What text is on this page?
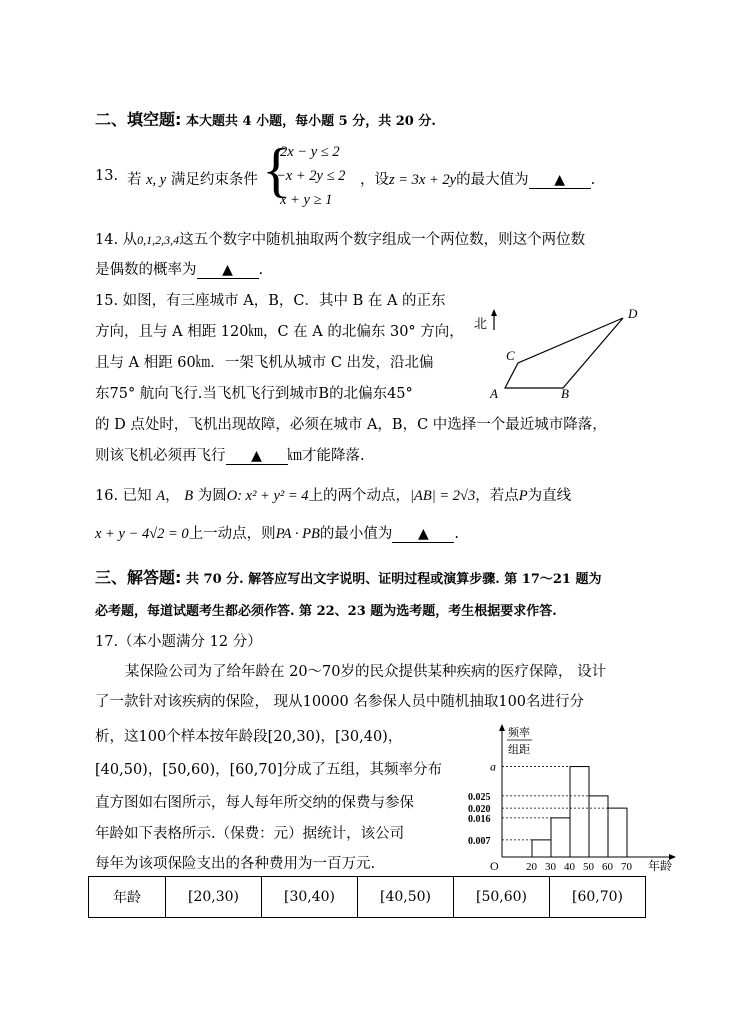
二、填空题: 本大题共 4 小题，每小题 5 分，共 20 分.
13. 若 x, y 满足约束条件 {
2x − y ≤ 2
−x + 2y ≤ 2
x + y ≥ 1
，设z = 3x + 2y的最大值为 ▲ .
14. 从0,1,2,3,4这五个数字中随机抽取两个数字组成一个两位数，则这个两位数
是偶数的概率为 ▲ .
15. 如图，有三座城市 A，B，C．其中 B 在 A 的正东
方向，且与 A 相距 120㎞，C 在 A 的北偏东 30° 方向，
且与 A 相距 60㎞．一架飞机从城市 C 出发，沿北偏
东75° 航向飞行.当飞机飞行到城市B的北偏东45°
的 D 点处时，飞机出现故障，必须在城市 A，B，C 中选择一个最近城市降落，
则该飞机必须再飞行 ▲ ㎞才能降落.
北
A	B
C
D
16. 已知 A， B 为圆O: x² + y² = 4上的两个动点，|AB| = 2√3，若点P为直线
x + y − 4√2 = 0上一动点，则PA · PB的最小值为 ▲ .
三、解答题: 共 70 分. 解答应写出文字说明、证明过程或演算步骤. 第 17～21 题为
必考题，每道试题考生都必须作答. 第 22、23 题为选考题，考生根据要求作答.
17.（本小题满分 12 分）
某保险公司为了给年龄在 20～70岁的民众提供某种疾病的医疗保障， 设计
了一款针对该疾病的保险， 现从10000 名参保人员中随机抽取100名进行分
析，这100个样本按年龄段[20,30)，[30,40)，
[40,50)，[50,60)，[60,70]分成了五组，其频率分布
直方图如右图所示，每人每年所交纳的保费与参保
年龄如下表格所示.（保费：元）据统计，该公司
每年为该项保险支出的各种费用为一百万元.
频率
组距
O	年龄
0.007
0.016
0.020
0.025
a
20 30 40 50 60 70
年龄	[20,30)	[30,40)	[40,50)	[50,60)	[60,70)
